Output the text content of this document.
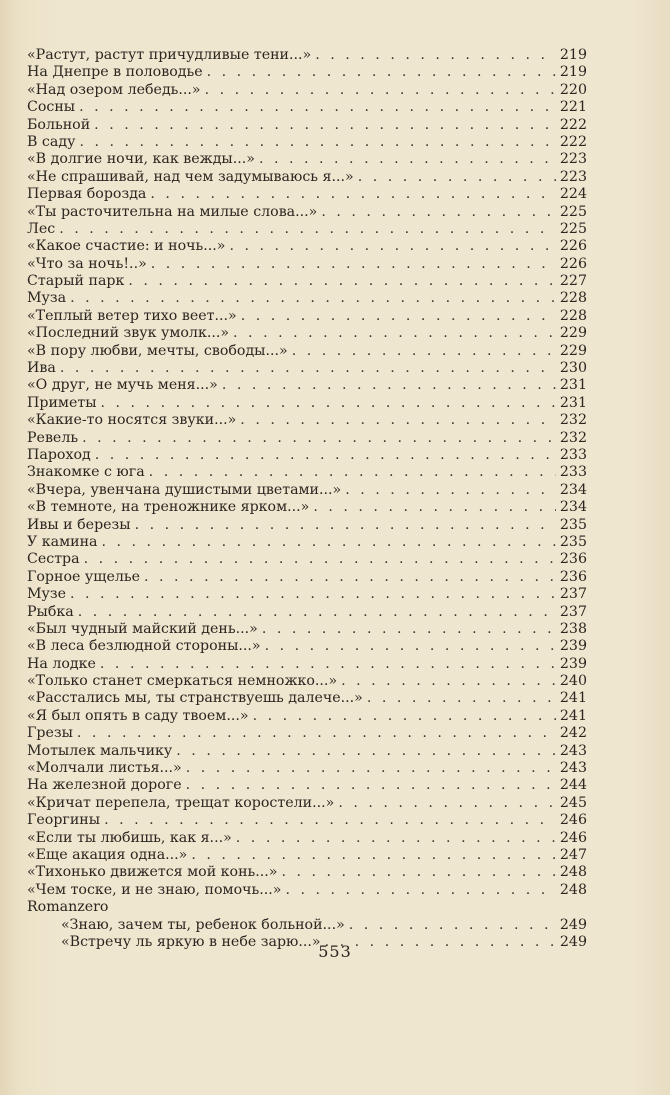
«Растут, растут причудливые тени...» . . .	219
На Днепре в половодье . . .	219
«Над озером лебедь...» . . .	220
Сосны . . .	221
Больной . . .	222
В саду . . .	222
«В долгие ночи, как вежды...» . . .	223
«Не спрашивай, над чем задумываюсь я...» . . .	223
Первая борозда . . .	224
«Ты расточительна на милые слова...» . . .	225
Лес . . .	225
«Какое счастие: и ночь...» . . .	226
«Что за ночь!..» . . .	226
Старый парк . . .	227
Муза . . .	228
«Теплый ветер тихо веет...» . . .	228
«Последний звук умолк...» . . .	229
«В пору любви, мечты, свободы...» . . .	229
Ива . . .	230
«О друг, не мучь меня...» . . .	231
Приметы . . .	231
«Какие-то носятся звуки...» . . .	232
Ревель . . .	232
Пароход . . .	233
Знакомке с юга . . .	233
«Вчера, увенчана душистыми цветами...» . . .	234
«В темноте, на треножнике ярком...» . . .	234
Ивы и березы . . .	235
У камина . . .	235
Сестра . . .	236
Горное ущелье . . .	236
Музе . . .	237
Рыбка . . .	237
«Был чудный майский день...» . . .	238
«В леса безлюдной стороны...» . . .	239
На лодке . . .	239
«Только станет смеркаться немножко...» . . .	240
«Расстались мы, ты странствуешь далече...» . . .	241
«Я был опять в саду твоем...» . . .	241
Грезы . . .	242
Мотылек мальчику . . .	243
«Молчали листья...» . . .	243
На железной дороге . . .	244
«Кричат перепела, трещат коростели...» . . .	245
Георгины . . .	246
«Если ты любишь, как я...» . . .	246
«Еще акация одна...» . . .	247
«Тихонько движется мой конь...» . . .	248
«Чем тоске, и не знаю, помочь...» . . .	248
Romanzero
«Знаю, зачем ты, ребенок больной...» . . .	249
«Встречу ль яркую в небе зарю...» . . .	249
553
